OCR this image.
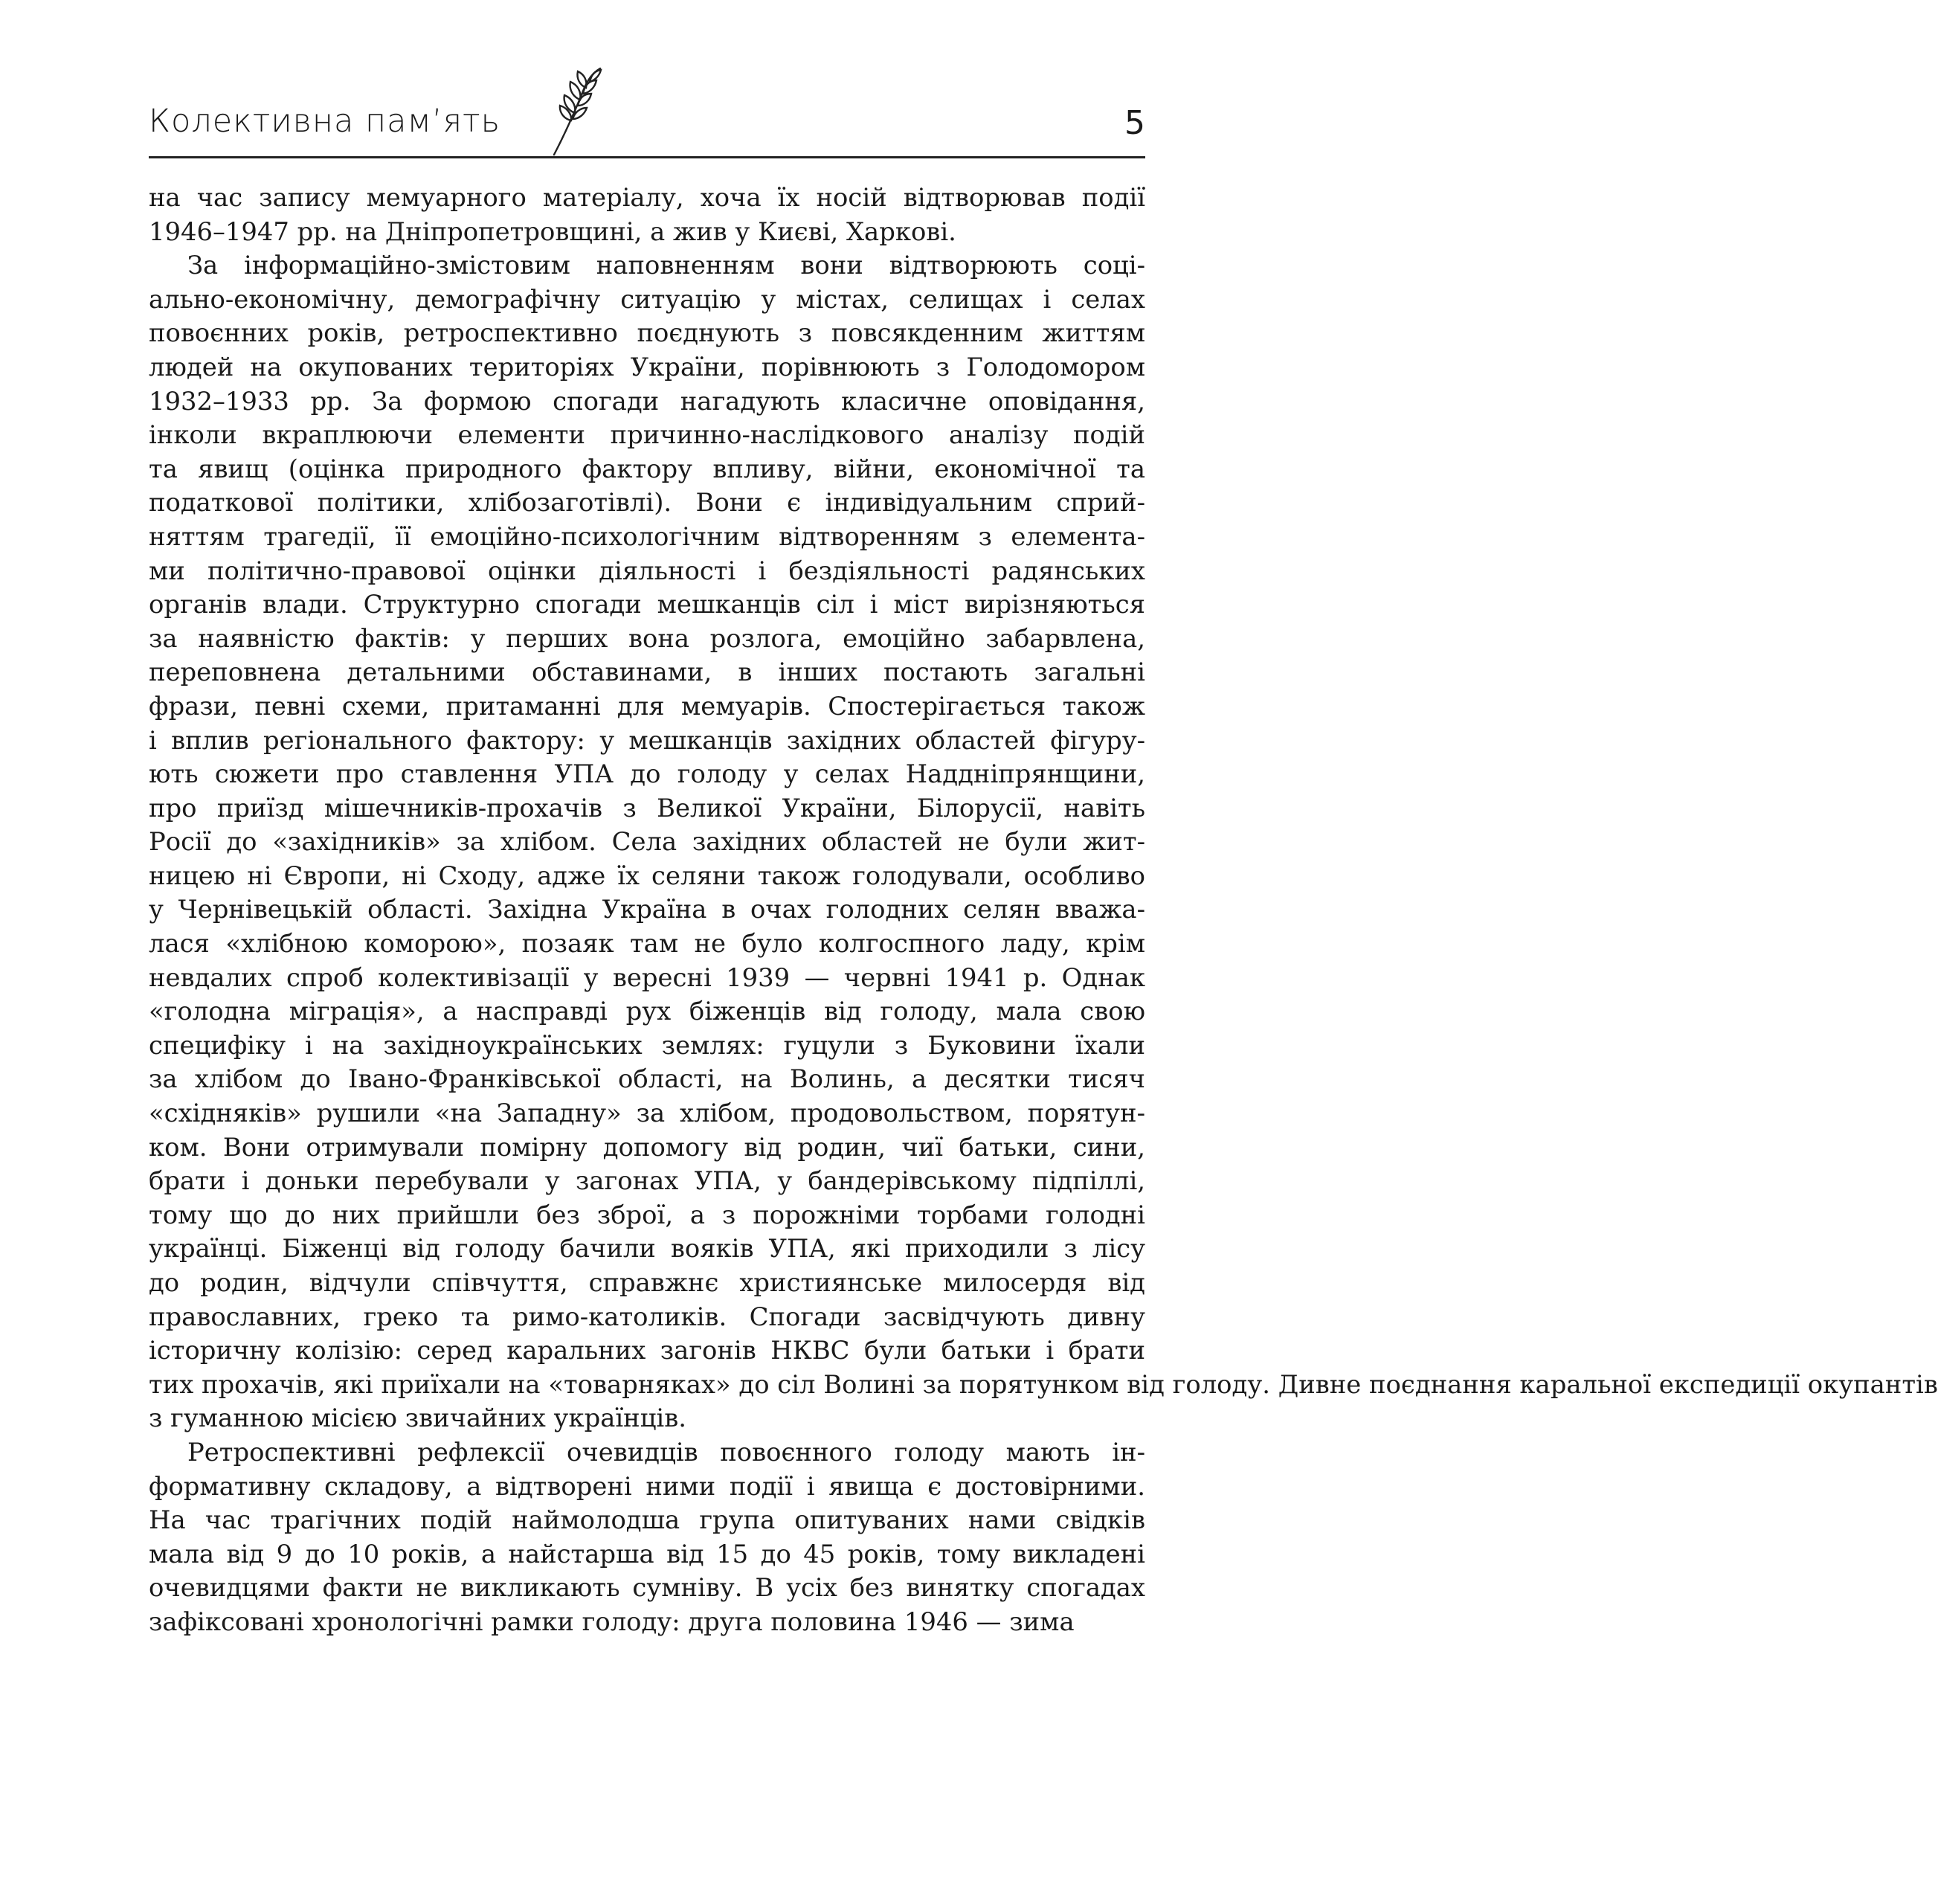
Колективна пам’ять	5
на час запису мемуарного матеріалу, хоча їх носій відтворював події
1946–1947 рр. на Дніпропетровщині, а жив у Києві, Харкові.
За інформаційно-змістовим наповненням вони відтворюють соці-
ально-економічну, демографічну ситуацію у містах, селищах і селах
повоєнних років, ретроспективно поєднують з повсякденним життям
людей на окупованих територіях України, порівнюють з Голодомором
1932–1933 рр. За формою спогади нагадують класичне оповідання,
інколи вкраплюючи елементи причинно-наслідкового аналізу подій
та явищ (оцінка природного фактору впливу, війни, економічної та
податкової політики, хлібозаготівлі). Вони є індивідуальним сприй-
няттям трагедії, її емоційно-психологічним відтворенням з елемента-
ми політично-правової оцінки діяльності і бездіяльності радянських
органів влади. Структурно спогади мешканців сіл і міст вирізняються
за наявністю фактів: у перших вона розлога, емоційно забарвлена,
переповнена детальними обставинами, в інших постають загальні
фрази, певні схеми, притаманні для мемуарів. Спостерігається також
і вплив регіонального фактору: у мешканців західних областей фігуру-
ють сюжети про ставлення УПА до голоду у селах Наддніпрянщини,
про приїзд мішечників-прохачів з Великої України, Білорусії, навіть
Росії до «західників» за хлібом. Села західних областей не були жит-
ницею ні Європи, ні Сходу, адже їх селяни також голодували, особливо
у Чернівецькій області. Західна Україна в очах голодних селян вважа-
лася «хлібною коморою», позаяк там не було колгоспного ладу, крім
невдалих спроб колективізації у вересні 1939 — червні 1941 р. Однак
«голодна міграція», а насправді рух біженців від голоду, мала свою
специфіку і на західноукраїнських землях: гуцули з Буковини їхали
за хлібом до Івано-Франківської області, на Волинь, а десятки тисяч
«східняків» рушили «на Западну» за хлібом, продовольством, порятун-
ком. Вони отримували помірну допомогу від родин, чиї батьки, сини,
брати і доньки перебували у загонах УПА, у бандерівському підпіллі,
тому що до них прийшли без зброї, а з порожніми торбами голодні
українці. Біженці від голоду бачили вояків УПА, які приходили з лісу
до родин, відчули співчуття, справжнє християнське милосердя від
православних, греко та римо-католиків. Спогади засвідчують дивну
історичну колізію: серед каральних загонів НКВС були батьки і брати
тих прохачів, які приїхали на «товарняках» до сіл Волині за порятунком від голоду. Дивне поєднання каральної експедиції окупантів
з гуманною місією звичайних українців.
Ретроспективні рефлексії очевидців повоєнного голоду мають ін-
формативну складову, а відтворені ними події і явища є достовірними.
На час трагічних подій наймолодша група опитуваних нами свідків
мала від 9 до 10 років, а найстарша від 15 до 45 років, тому викладені
очевидцями факти не викликають сумніву. В усіх без винятку спогадах
зафіксовані хронологічні рамки голоду: друга половина 1946 — зима
